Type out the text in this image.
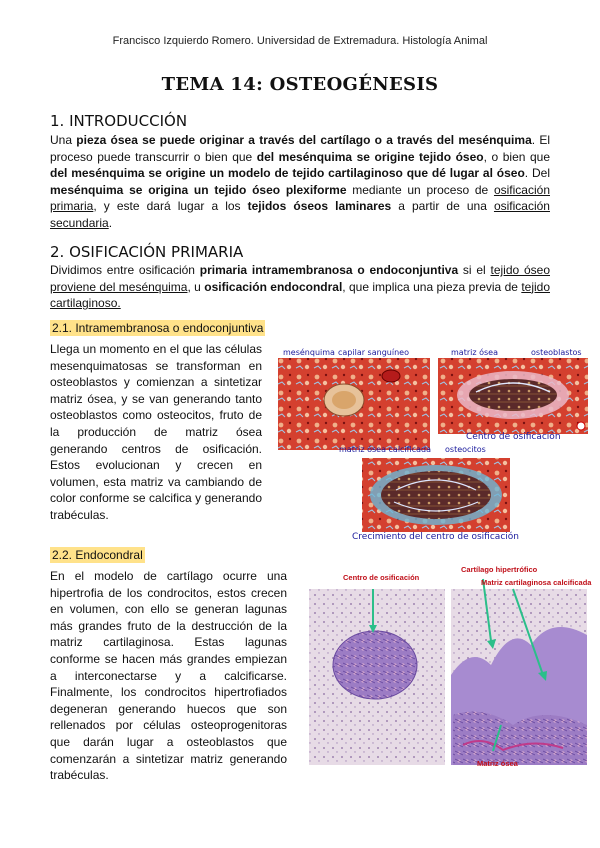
Francisco Izquierdo Romero. Universidad de Extremadura. Histología Animal
TEMA 14: OSTEOGÉNESIS
1. INTRODUCCIÓN
Una pieza ósea se puede originar a través del cartílago o a través del mesénquima. El proceso puede transcurrir o bien que del mesénquima se origine tejido óseo, o bien que del mesénquima se origine un modelo de tejido cartilaginoso que dé lugar al óseo. Del mesénquima se origina un tejido óseo plexiforme mediante un proceso de osificación primaria, y este dará lugar a los tejidos óseos laminares a partir de una osificación secundaria.
2. OSIFICACIÓN PRIMARIA
Dividimos entre osificación primaria intramembranosa o endoconjuntiva si el tejido óseo proviene del mesénquima, u osificación endocondral, que implica una pieza previa de tejido cartilaginoso.
2.1. Intramembranosa o endoconjuntiva
Llega un momento en el que las células mesenquimatosas se transforman en osteoblastos y comienzan a sintetizar matriz ósea, y se van generando tanto osteoblastos como osteocitos, fruto de la producción de matriz ósea generando centros de osificación. Estos evolucionan y crecen en volumen, esta matriz va cambiando de color conforme se calcifica y generando trabéculas.
mesénquima capilar sanguíneo	matriz ósea	osteoblastos
Centro de osificación
matriz ósea calcificada osteocitos
Crecimiento del centro de osificación
2.2. Endocondral
En el modelo de cartílago ocurre una hipertrofia de los condrocitos, estos crecen en volumen, con ello se generan lagunas más grandes fruto de la destrucción de la matriz cartilaginosa. Estas lagunas conforme se hacen más grandes empiezan a interconectarse y a calcificarse. Finalmente, los condrocitos hipertrofiados degeneran generando huecos que son rellenados por células osteoprogenitoras que darán lugar a osteoblastos que comenzarán a sintetizar matriz generando trabéculas.
Centro de osificación
Cartílago hipertrófico
Matriz cartilaginosa calcificada
Matriz ósea
